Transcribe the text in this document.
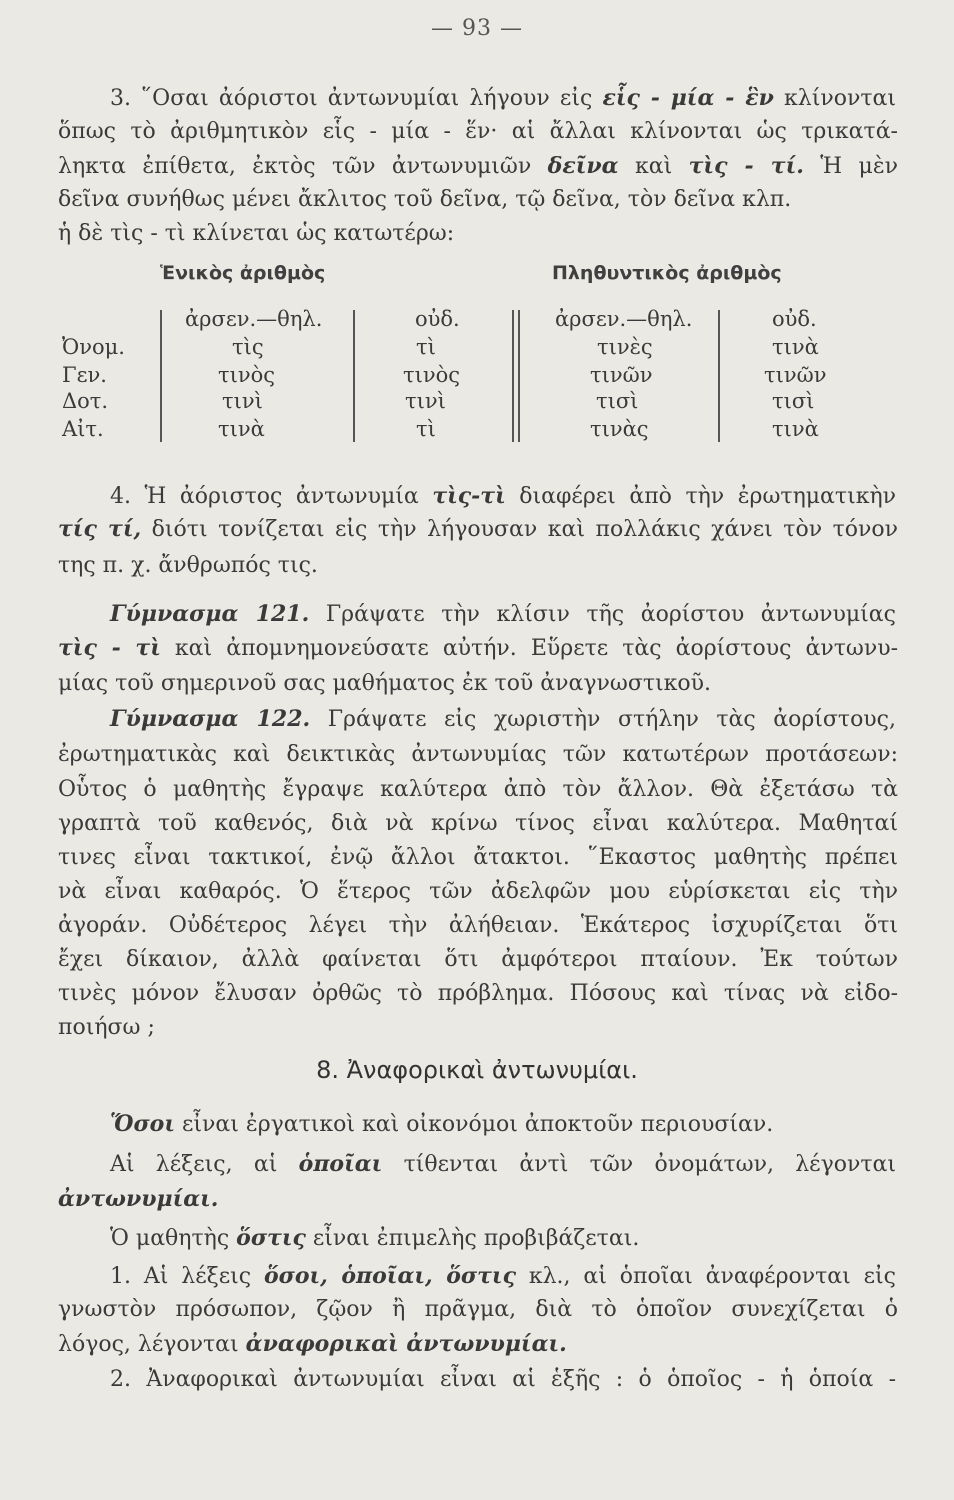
— 93 —
3. ῞Οσαι ἀόριστοι ἀντωνυμίαι λήγουν εἰς εἷς - μία - ἓν κλίνονται
ὅπως τὸ ἀριθμητικὸν εἷς - μία - ἕν· αἱ ἄλλαι κλίνονται ὡς τρικατά-
ληκτα ἐπίθετα, ἐκτὸς τῶν ἀντωνυμιῶν δεῖνα καὶ τὶς - τί. Ἡ μὲν
δεῖνα συνήθως μένει ἄκλιτος τοῦ δεῖνα, τῷ δεῖνα, τὸν δεῖνα κλπ.
ἡ δὲ τὶς - τὶ κλίνεται ὡς κατωτέρω:
Ἑνικὸς ἀριθμὸς	Πληθυντικὸς ἀριθμὸς
ἀρσεν.—θηλ.	οὐδ.	ἀρσεν.—θηλ.	οὐδ.
Ὀνομ.	τὶς	τὶ	τινὲς	τινὰ
Γεν.	τινὸς	τινὸς	τινῶν	τινῶν
Δοτ.	τινὶ	τινὶ	τισὶ	τισὶ
Αἰτ.	τινὰ	τὶ	τινὰς	τινὰ
4. Ἡ ἀόριστος ἀντωνυμία τὶς-τὶ διαφέρει ἀπὸ τὴν ἐρωτηματικὴν
τίς τί, διότι τονίζεται εἰς τὴν λήγουσαν καὶ πολλάκις χάνει τὸν τόνον
της π. χ. ἄνθρωπός τις.
Γύμνασμα 121. Γράψατε τὴν κλίσιν τῆς ἀορίστου ἀντωνυμίας
τὶς - τὶ καὶ ἀπομνημονεύσατε αὐτήν. Εὕρετε τὰς ἀορίστους ἀντωνυ-
μίας τοῦ σημερινοῦ σας μαθήματος ἐκ τοῦ ἀναγνωστικοῦ.
Γύμνασμα 122. Γράψατε εἰς χωριστὴν στήλην τὰς ἀορίστους,
ἐρωτηματικὰς καὶ δεικτικὰς ἀντωνυμίας τῶν κατωτέρων προτάσεων:
Οὗτος ὁ μαθητὴς ἔγραψε καλύτερα ἀπὸ τὸν ἄλλον. Θὰ ἐξετάσω τὰ
γραπτὰ τοῦ καθενός, διὰ νὰ κρίνω τίνος εἶναι καλύτερα. Μαθηταί
τινες εἶναι τακτικοί, ἐνῷ ἄλλοι ἄτακτοι. ῞Εκαστος μαθητὴς πρέπει
νὰ εἶναι καθαρός. Ὁ ἕτερος τῶν ἀδελφῶν μου εὑρίσκεται εἰς τὴν
ἀγοράν. Οὐδέτερος λέγει τὴν ἀλήθειαν. Ἑκάτερος ἰσχυρίζεται ὅτι
ἔχει δίκαιον, ἀλλὰ φαίνεται ὅτι ἀμφότεροι πταίουν. Ἐκ τούτων
τινὲς μόνον ἔλυσαν ὀρθῶς τὸ πρόβλημα. Πόσους καὶ τίνας νὰ εἰδο-
ποιήσω ;
8. Ἀναφορικαὶ ἀντωνυμίαι.
Ὅσοι εἶναι ἐργατικοὶ καὶ οἰκονόμοι ἀποκτοῦν περιουσίαν.
Αἱ λέξεις, αἱ ὁποῖαι τίθενται ἀντὶ τῶν ὀνομάτων, λέγονται
ἀντωνυμίαι.
Ὁ μαθητὴς ὅστις εἶναι ἐπιμελὴς προβιβάζεται.
1. Αἱ λέξεις ὅσοι, ὁποῖαι, ὅστις κλ., αἱ ὁποῖαι ἀναφέρονται εἰς
γνωστὸν πρόσωπον, ζῷον ἢ πρᾶγμα, διὰ τὸ ὁποῖον συνεχίζεται ὁ
λόγος, λέγονται ἀναφορικαὶ ἀντωνυμίαι.
2. Ἀναφορικαὶ ἀντωνυμίαι εἶναι αἱ ἑξῆς : ὁ ὁποῖος - ἡ ὁποία -
